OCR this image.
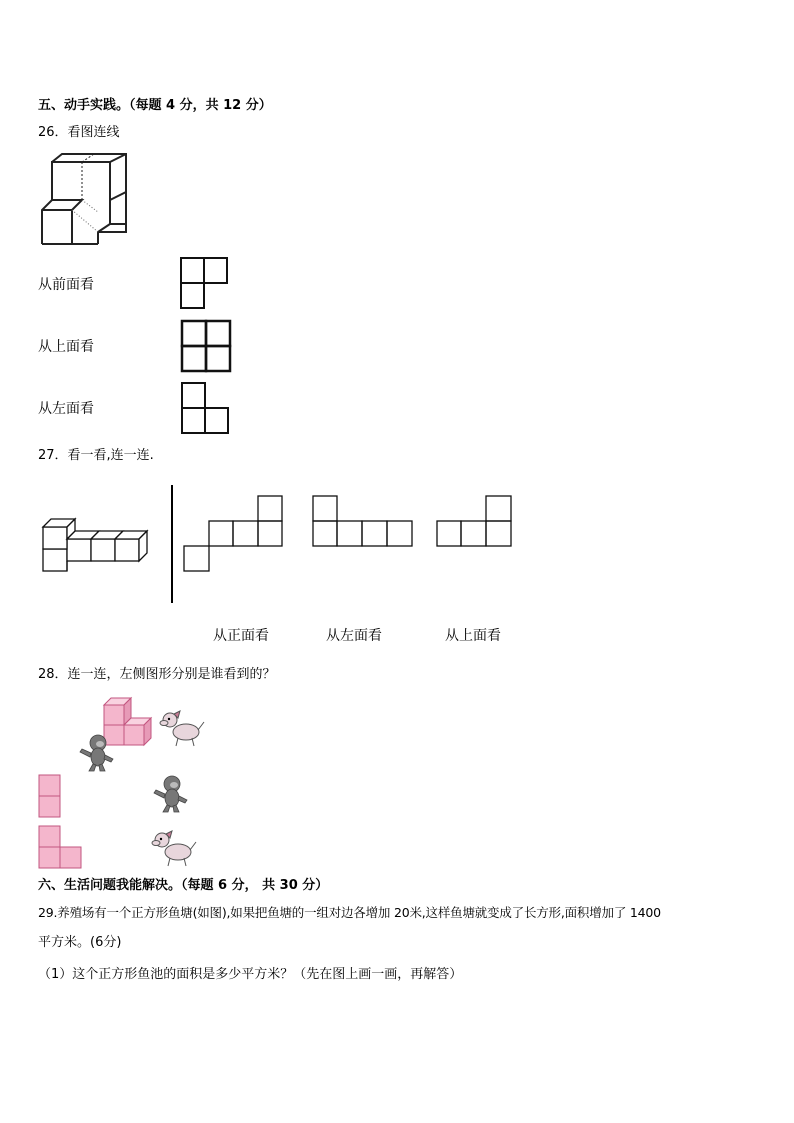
五、动手实践。（每题 4 分，共 12 分）
26．看图连线
从前面看
从上面看
从左面看
27．看一看,连一连.
从正面看	从左面看	从上面看
28．连一连，左侧图形分别是谁看到的？
六、生活问题我能解决。（每题 6 分， 共 30 分）
29.养殖场有一个正方形鱼塘(如图),如果把鱼塘的一组对边各增加 20米,这样鱼塘就变成了长方形,面积增加了 1400
平方米。(6分)
（1）这个正方形鱼池的面积是多少平方米？（先在图上画一画，再解答）
